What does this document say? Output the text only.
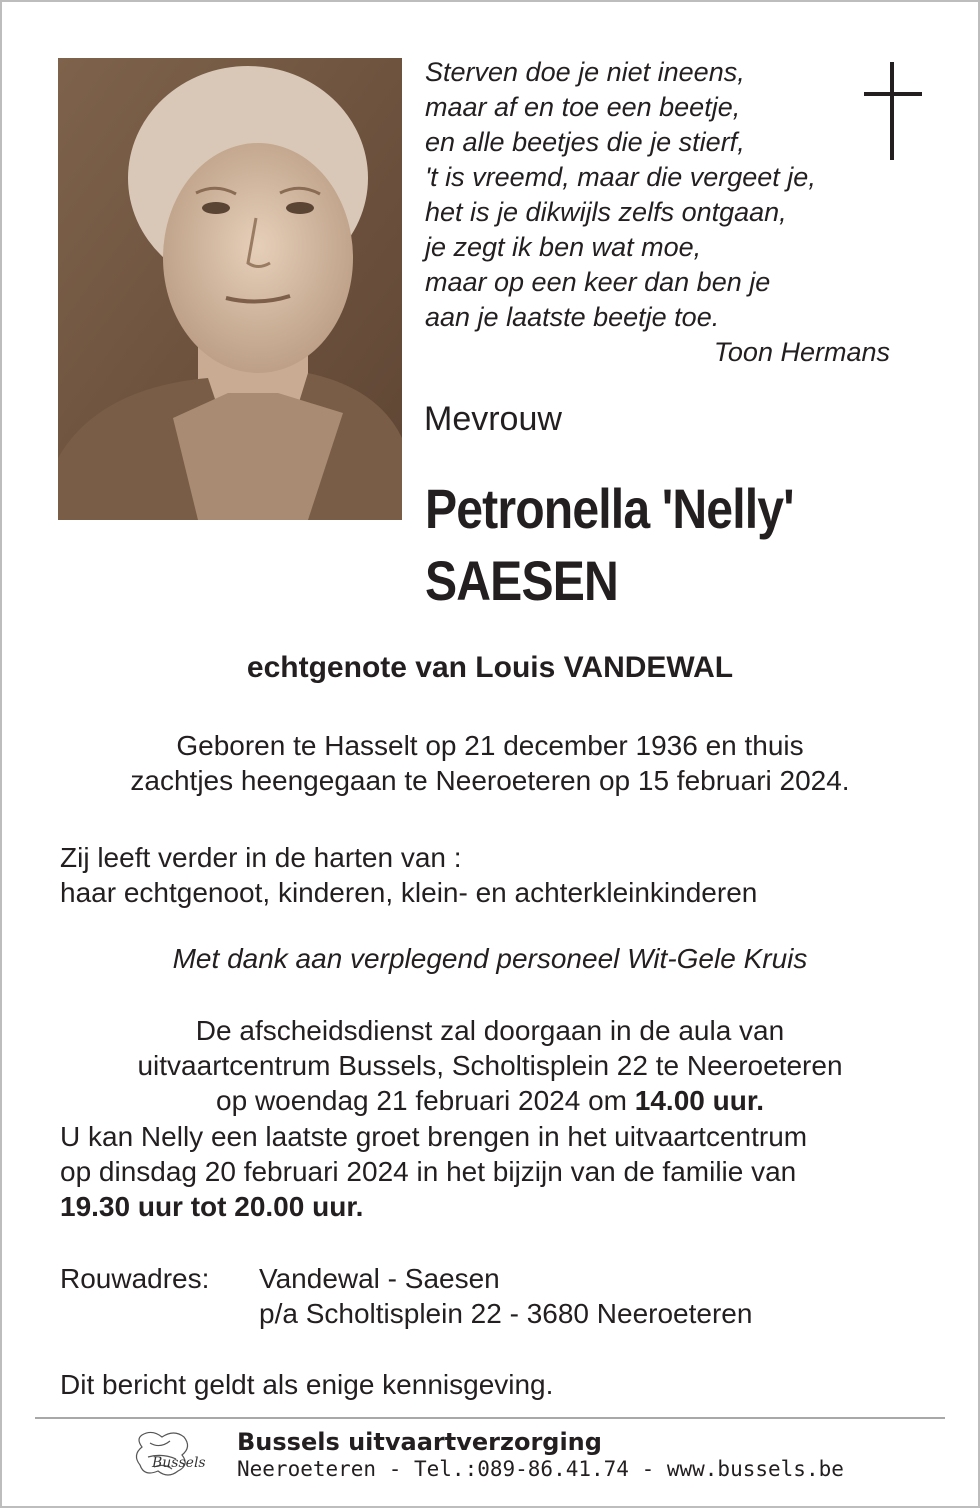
Sterven doe je niet ineens,
maar af en toe een beetje,
en alle beetjes die je stierf,
't is vreemd, maar die vergeet je,
het is je dikwijls zelfs ontgaan,
je zegt ik ben wat moe,
maar op een keer dan ben je
aan je laatste beetje toe.
Toon Hermans
Mevrouw
Petronella 'Nelly'
SAESEN
echtgenote van Louis VANDEWAL
Geboren te Hasselt op 21 december 1936 en thuis
zachtjes heengegaan te Neeroeteren op 15 februari 2024.
Zij leeft verder in de harten van :
haar echtgenoot, kinderen, klein- en achterkleinkinderen
Met dank aan verplegend personeel Wit-Gele Kruis
De afscheidsdienst zal doorgaan in de aula van
uitvaartcentrum Bussels, Scholtisplein 22 te Neeroeteren
op woendag 21 februari 2024 om 14.00 uur.
U kan Nelly een laatste groet brengen in het uitvaartcentrum
op dinsdag 20 februari 2024 in het bijzijn van de familie van
19.30 uur tot 20.00 uur.
Rouwadres:	Vandewal - Saesen
p/a Scholtisplein 22 - 3680 Neeroeteren
Dit bericht geldt als enige kennisgeving.
Bussels
Bussels uitvaartverzorging
Neeroeteren - Tel.:089-86.41.74 - www.bussels.be
